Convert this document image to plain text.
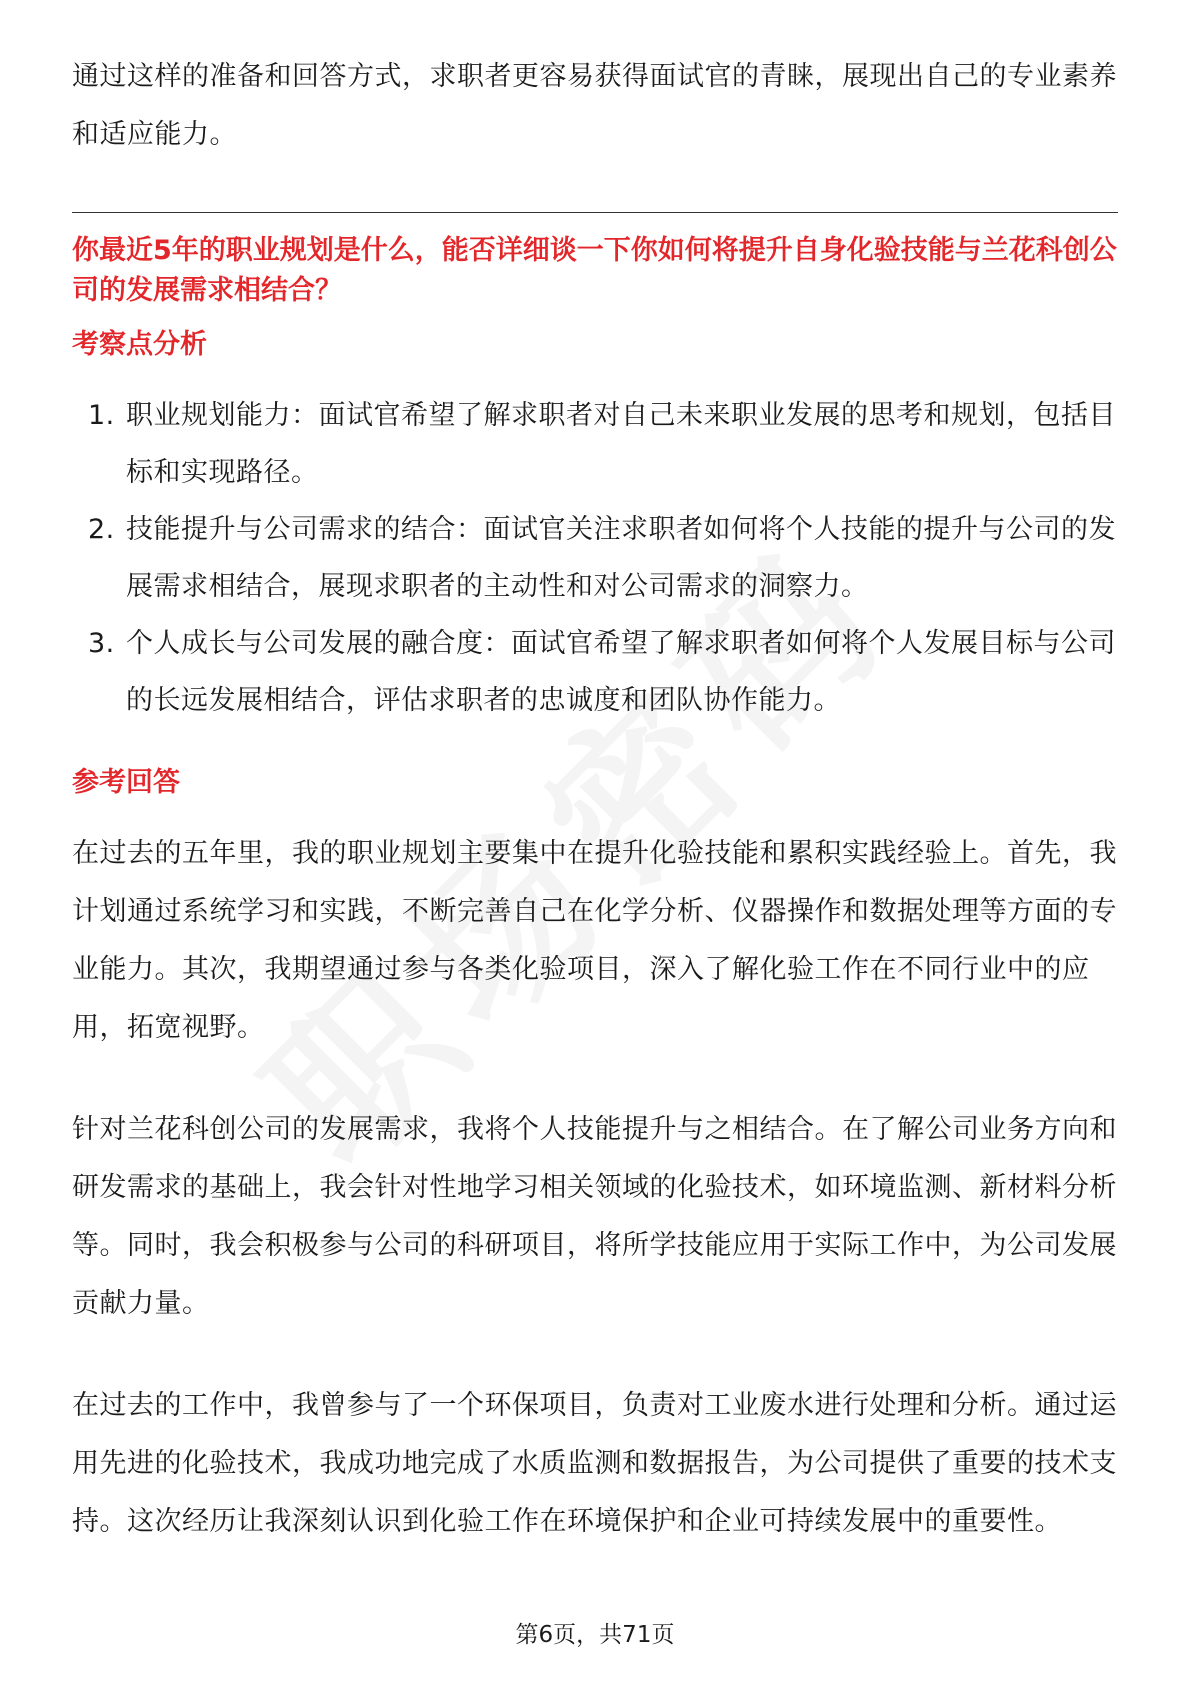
通过这样的准备和回答方式，求职者更容易获得面试官的青睐，展现出自己的专业素养和适应能力。

你最近5年的职业规划是什么，能否详细谈一下你如何将提升自身化验技能与兰花科创公司的发展需求相结合？

考察点分析

1. 职业规划能力：面试官希望了解求职者对自己未来职业发展的思考和规划，包括目标和实现路径。
2. 技能提升与公司需求的结合：面试官关注求职者如何将个人技能的提升与公司的发展需求相结合，展现求职者的主动性和对公司需求的洞察力。
3. 个人成长与公司发展的融合度：面试官希望了解求职者如何将个人发展目标与公司的长远发展相结合，评估求职者的忠诚度和团队协作能力。

参考回答

在过去的五年里，我的职业规划主要集中在提升化验技能和累积实践经验上。首先，我计划通过系统学习和实践，不断完善自己在化学分析、仪器操作和数据处理等方面的专业能力。其次，我期望通过参与各类化验项目，深入了解化验工作在不同行业中的应用，拓宽视野。

针对兰花科创公司的发展需求，我将个人技能提升与之相结合。在了解公司业务方向和研发需求的基础上，我会针对性地学习相关领域的化验技术，如环境监测、新材料分析等。同时，我会积极参与公司的科研项目，将所学技能应用于实际工作中，为公司发展贡献力量。

在过去的工作中，我曾参与了一个环保项目，负责对工业废水进行处理和分析。通过运用先进的化验技术，我成功地完成了水质监测和数据报告，为公司提供了重要的技术支持。这次经历让我深刻认识到化验工作在环境保护和企业可持续发展中的重要性。

第6页，共71页
